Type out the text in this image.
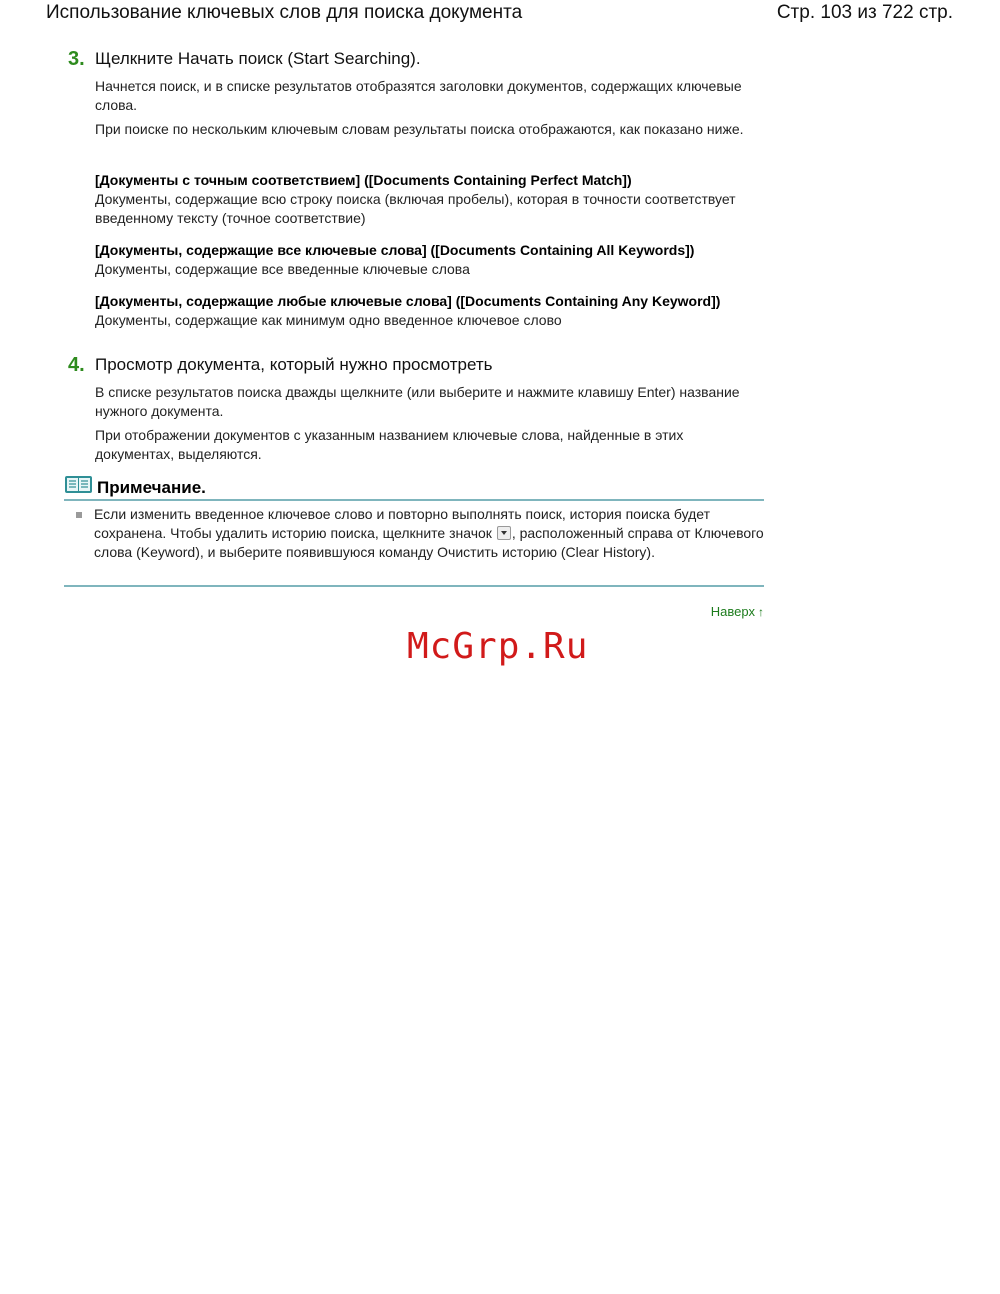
Использование ключевых слов для поиска документа	Стр. 103 из 722 стр.
3. Щелкните Начать поиск (Start Searching).

Начнется поиск, и в списке результатов отобразятся заголовки документов, содержащих ключевые слова.

При поиске по нескольким ключевым словам результаты поиска отображаются, как показано ниже.

[Документы с точным соответствием] ([Documents Containing Perfect Match])

Документы, содержащие всю строку поиска (включая пробелы), которая в точности соответствует введенному тексту (точное соответствие)

[Документы, содержащие все ключевые слова] ([Documents Containing All Keywords])

Документы, содержащие все введенные ключевые слова

[Документы, содержащие любые ключевые слова] ([Documents Containing Any Keyword])

Документы, содержащие как минимум одно введенное ключевое слово

4. Просмотр документа, который нужно просмотреть

В списке результатов поиска дважды щелкните (или выберите и нажмите клавишу Enter) название нужного документа.

При отображении документов с указанным названием ключевые слова, найденные в этих документах, выделяются.

Примечание.

Если изменить введенное ключевое слово и повторно выполнять поиск, история поиска будет сохранена. Чтобы удалить историю поиска, щелкните значок , расположенный справа от Ключевого слова (Keyword), и выберите появившуюся команду Очистить историю (Clear History).

Наверх ↑
McGrp.Ru
